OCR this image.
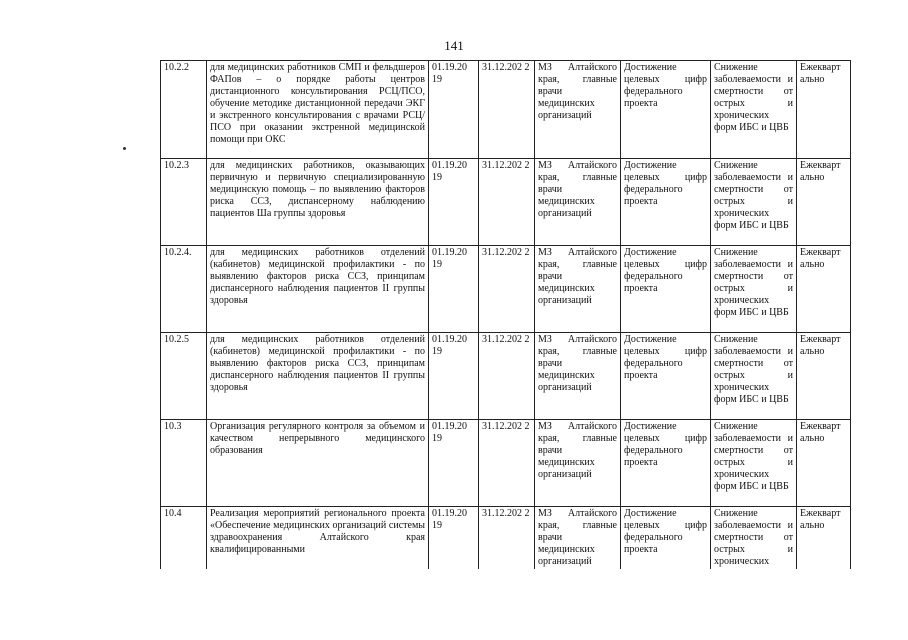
141
10.2.2	для медицинских работников СМП и фельдшеров ФАПов – о порядке работы центров дистанционного консультирования РСЦ/ПСО, обучение методике дистанционной передачи ЭКГ и экстренного консультирования с врачами РСЦ/ПСО при оказании экстренной медицинской помощи при ОКС	01.19.20 19	31.12.202 2	МЗ Алтайского края, главные врачи медицинских организаций	Достижение целевых цифр федерального проекта	Снижение заболеваемости и смертности от острых и хронических форм ИБС и ЦВБ	Ежекварт ально
10.2.3	для медицинских работников, оказывающих первичную и первичную специализированную медицинскую помощь – по выявлению факторов риска ССЗ, диспансерному наблюдению пациентов Ша группы здоровья	01.19.20 19	31.12.202 2	МЗ Алтайского края, главные врачи медицинских организаций	Достижение целевых цифр федерального проекта	Снижение заболеваемости и смертности от острых и хронических форм ИБС и ЦВБ	Ежекварт ально
10.2.4.	для медицинских работников отделений (кабинетов) медицинской профилактики - по выявлению факторов риска ССЗ, принципам диспансерного наблюдения пациентов II группы здоровья	01.19.20 19	31.12.202 2	МЗ Алтайского края, главные врачи медицинских организаций	Достижение целевых цифр федерального проекта	Снижение заболеваемости и смертности от острых и хронических форм ИБС и ЦВБ	Ежекварт ально
10.2.5	для медицинских работников отделений (кабинетов) медицинской профилактики - по выявлению факторов риска ССЗ, принципам диспансерного наблюдения пациентов II группы здоровья	01.19.20 19	31.12.202 2	МЗ Алтайского края, главные врачи медицинских организаций	Достижение целевых цифр федерального проекта	Снижение заболеваемости и смертности от острых и хронических форм ИБС и ЦВБ	Ежекварт ально
10.3	Организация регулярного контроля за объемом и качеством непрерывного медицинского образования	01.19.20 19	31.12.202 2	МЗ Алтайского края, главные врачи медицинских организаций	Достижение целевых цифр федерального проекта	Снижение заболеваемости и смертности от острых и хронических форм ИБС и ЦВБ	Ежекварт ально
10.4	Реализация мероприятий регионального проекта «Обеспечение медицинских организаций системы здравоохранения Алтайского края квалифицированными	01.19.20 19	31.12.202 2	МЗ Алтайского края, главные врачи медицинских организаций	Достижение целевых цифр федерального проекта	Снижение заболеваемости и смертности от острых и хронических	Ежекварт ально
